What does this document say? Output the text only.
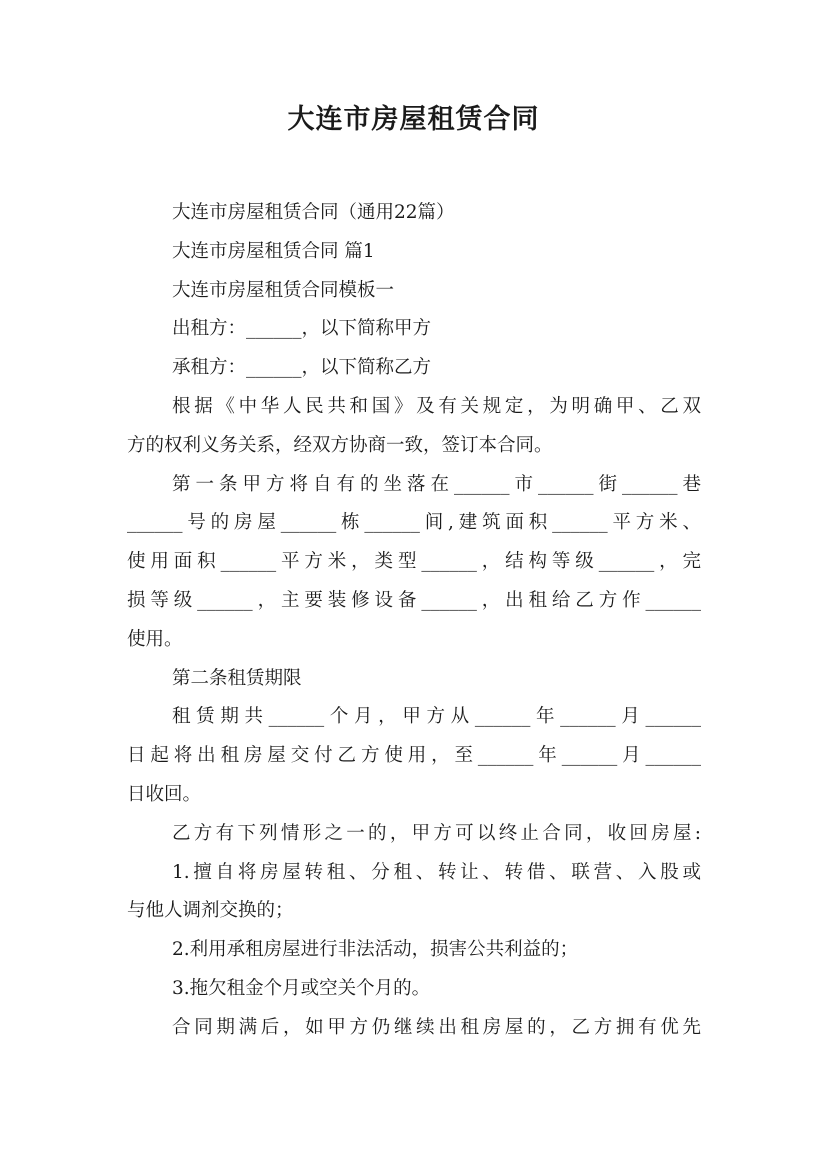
大连市房屋租赁合同
大连市房屋租赁合同（通用22篇）
大连市房屋租赁合同 篇1
大连市房屋租赁合同模板一
出租方：______，以下简称甲方
承租方：______，以下简称乙方
根据《中华人民共和国》及有关规定，为明确甲、乙双
方的权利义务关系，经双方协商一致，签订本合同。
第一条甲方将自有的坐落在______市______街______巷
______号的房屋______栋______间,建筑面积______平方米、
使用面积______平方米，类型______，结构等级______，完
损等级______，主要装修设备______，出租给乙方作______
使用。
第二条租赁期限
租赁期共______个月，甲方从______年______月______
日起将出租房屋交付乙方使用，至______年______月______
日收回。
乙方有下列情形之一的，甲方可以终止合同，收回房屋:
1.擅自将房屋转租、分租、转让、转借、联营、入股或
与他人调剂交换的；
2.利用承租房屋进行非法活动，损害公共利益的；
3.拖欠租金个月或空关个月的。
合同期满后，如甲方仍继续出租房屋的，乙方拥有优先
